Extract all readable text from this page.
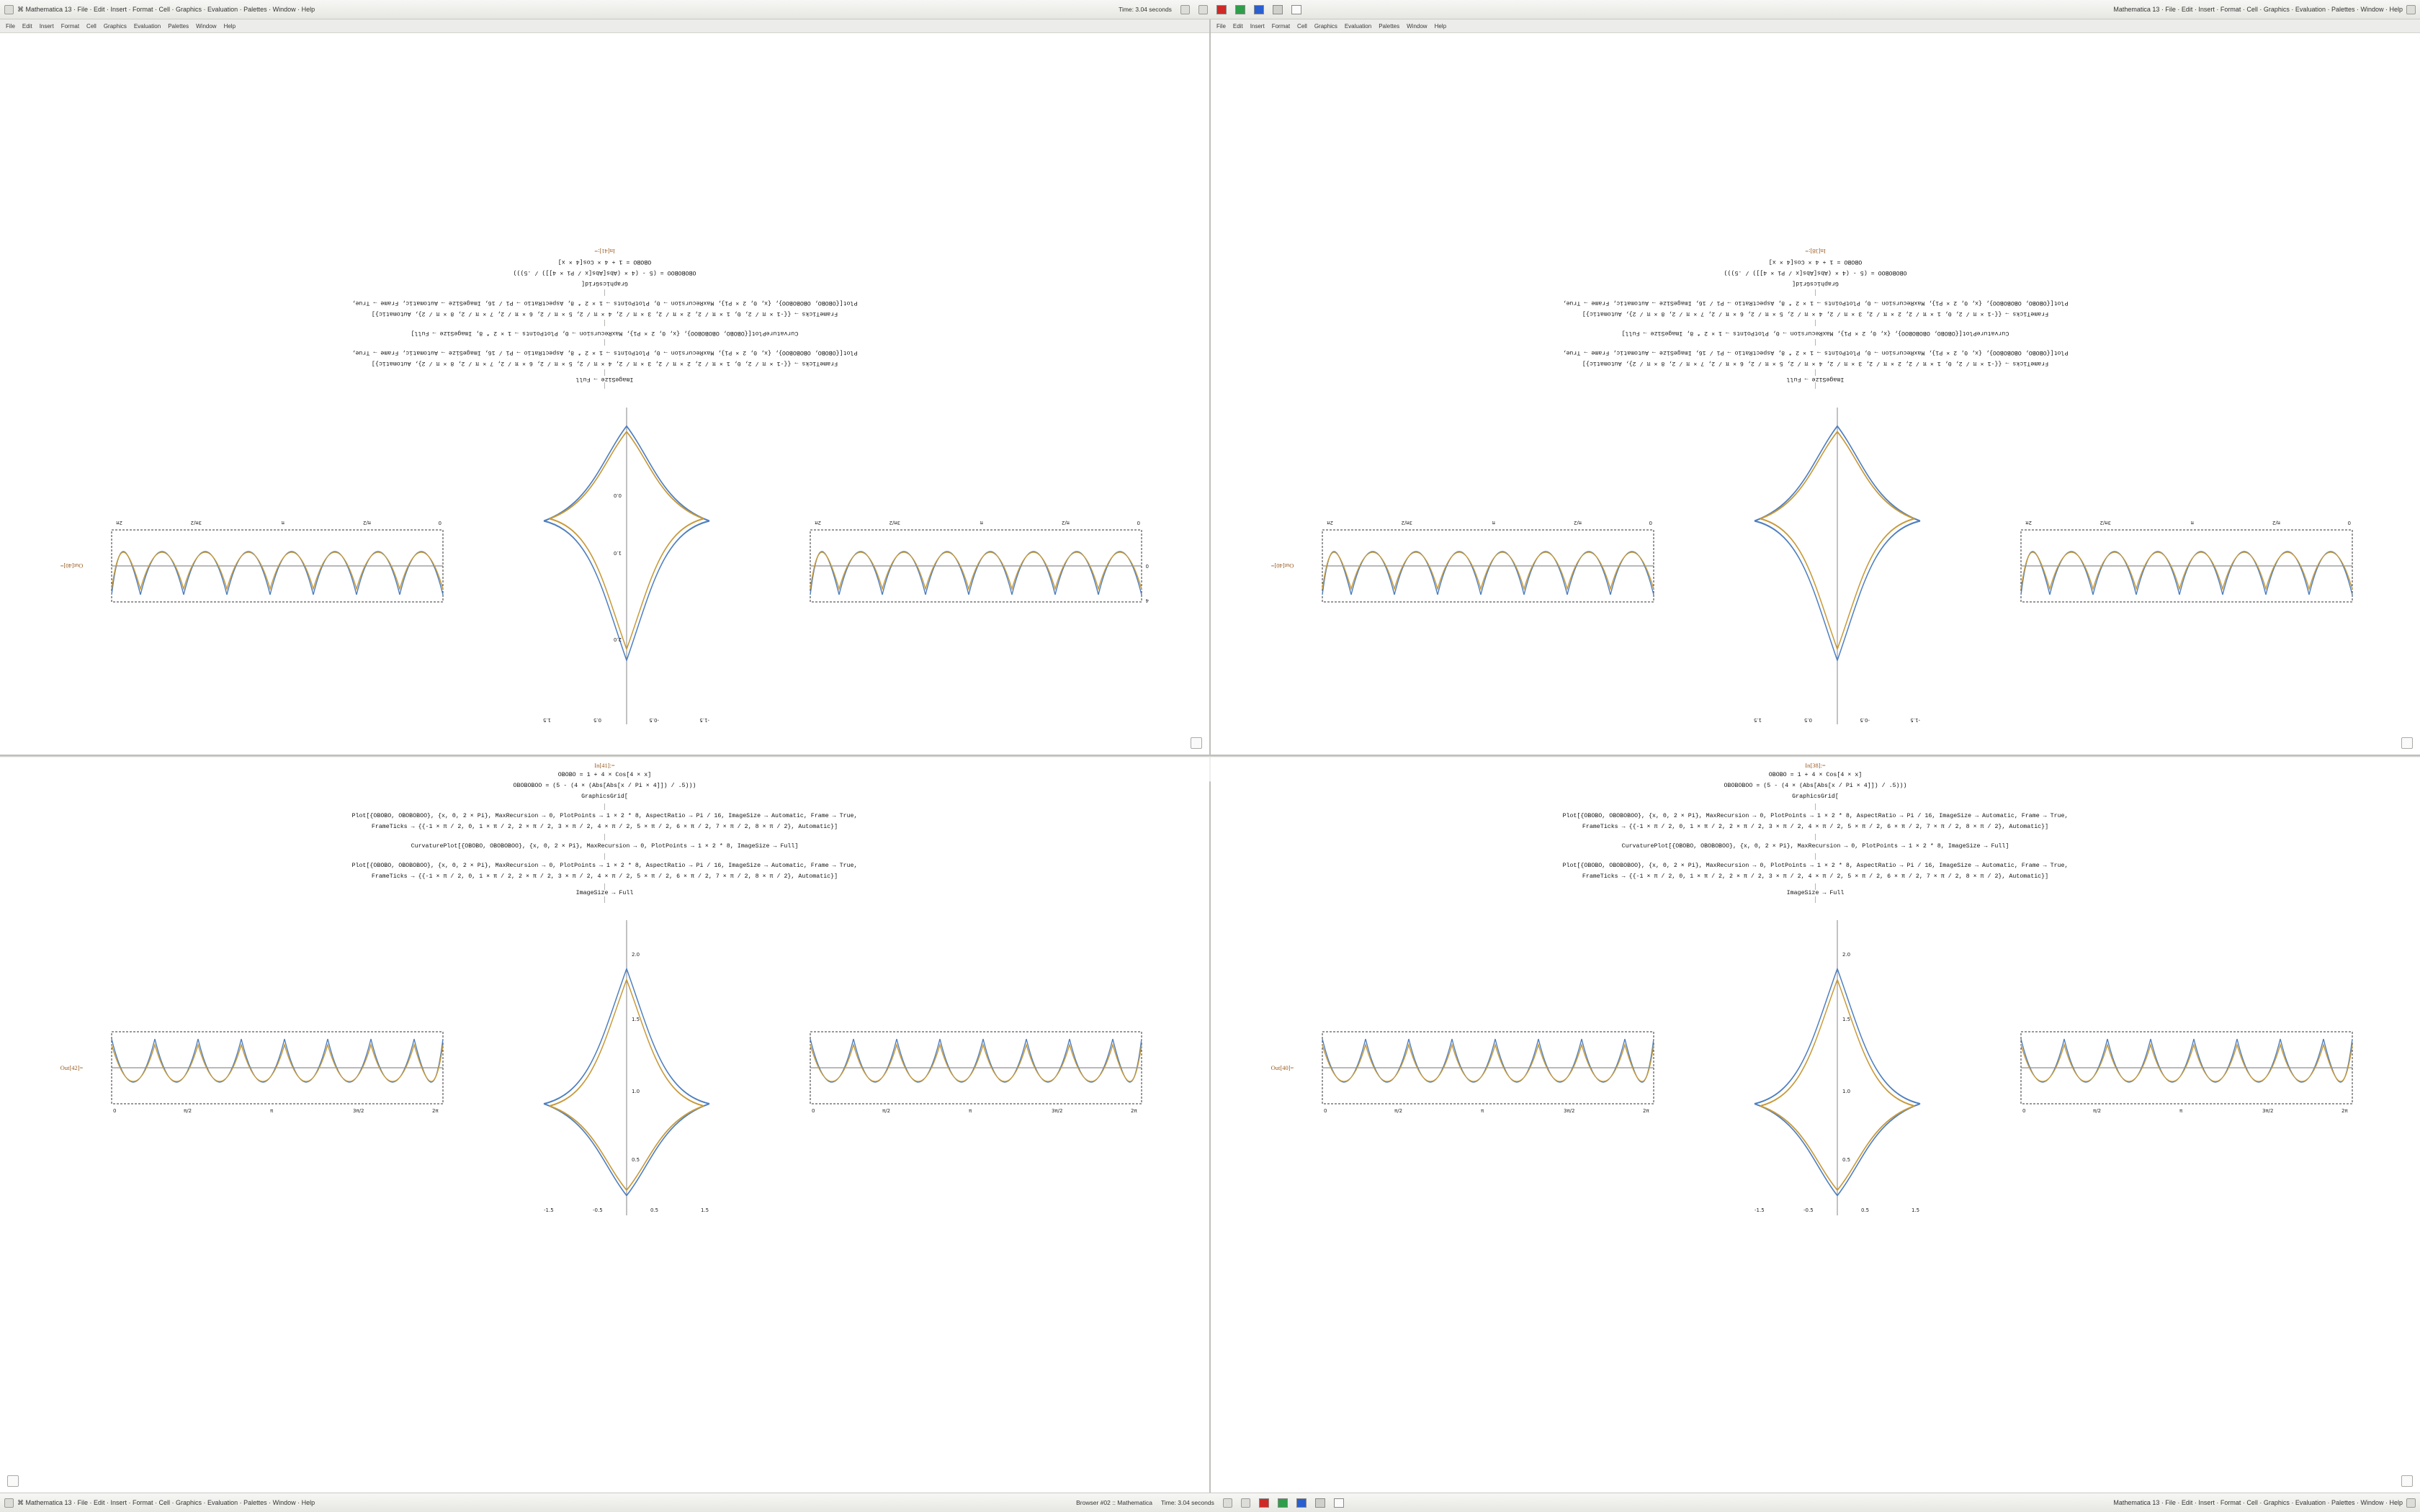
⌘ Mathematica 13 · File · Edit · Insert · Format · Cell · Graphics · Evaluation · Palettes · Window · Help	Time: 3.04 seconds	Mathematica 13 · File · Edit · Insert · Format · Cell · Graphics · Evaluation · Palettes · Window · Help
File Edit Insert Format Cell Graphics Evaluation Palettes Window Help
0
π/2
π
3π/2
2π
4
0
-1.5
-0.5
0.5
1.5
2.0
1.0
0.0
0
π/2
π
3π/2
2π
Out[40]=
ImageSize → Full
FrameTicks → {{-1 × π / 2, 0, 1 × π / 2, 2 × π / 2, 3 × π / 2, 4 × π / 2, 5 × π / 2, 6 × π / 2, 7 × π / 2, 8 × π / 2}, Automatic}]
Plot[{OBOBO, OBOBOBOO}, {x, 0, 2 × Pi}, MaxRecursion → 0, PlotPoints → 1 × 2 * 8, AspectRatio → Pi / 16, ImageSize → Automatic, Frame → True,
CurvaturePlot[{OBOBO, OBOBOBOO}, {x, 0, 2 × Pi}, MaxRecursion → 0, PlotPoints → 1 × 2 * 8, ImageSize → Full]
FrameTicks → {{-1 × π / 2, 0, 1 × π / 2, 2 × π / 2, 3 × π / 2, 4 × π / 2, 5 × π / 2, 6 × π / 2, 7 × π / 2, 8 × π / 2}, Automatic}]
Plot[{OBOBO, OBOBOBOO}, {x, 0, 2 × Pi}, MaxRecursion → 0, PlotPoints → 1 × 2 * 8, AspectRatio → Pi / 16, ImageSize → Automatic, Frame → True,
GraphicsGrid[
OBOBOBOO = (5 - (4 × (Abs[Abs[x / Pi × 4]]) / .5)))
OBOBO = 1 + 4 × Cos[4 × x]
In[41]:=
File Edit Insert Format Cell Graphics Evaluation Palettes Window Help
0
π/2
π
3π/2
2π
-1.5
-0.5
0.5
1.5
0
π/2
π
3π/2
2π
Out[40]=
ImageSize → Full
FrameTicks → {{-1 × π / 2, 0, 1 × π / 2, 2 × π / 2, 3 × π / 2, 4 × π / 2, 5 × π / 2, 6 × π / 2, 7 × π / 2, 8 × π / 2}, Automatic}]
Plot[{OBOBO, OBOBOBOO}, {x, 0, 2 × Pi}, MaxRecursion → 0, PlotPoints → 1 × 2 * 8, AspectRatio → Pi / 16, ImageSize → Automatic, Frame → True,
CurvaturePlot[{OBOBO, OBOBOBOO}, {x, 0, 2 × Pi}, MaxRecursion → 0, PlotPoints → 1 × 2 * 8, ImageSize → Full]
FrameTicks → {{-1 × π / 2, 0, 1 × π / 2, 2 × π / 2, 3 × π / 2, 4 × π / 2, 5 × π / 2, 6 × π / 2, 7 × π / 2, 8 × π / 2}, Automatic}]
Plot[{OBOBO, OBOBOBOO}, {x, 0, 2 × Pi}, MaxRecursion → 0, PlotPoints → 1 × 2 * 8, AspectRatio → Pi / 16, ImageSize → Automatic, Frame → True,
GraphicsGrid[
OBOBOBOO = (5 - (4 × (Abs[Abs[x / Pi × 4]]) / .5)))
OBOBO = 1 + 4 × Cos[4 × x]
In[38]:=
In[41]:=
OBOBO = 1 + 4 × Cos[4 × x]
OBOBOBOO = (5 - (4 × (Abs[Abs[x / Pi × 4]]) / .5)))
GraphicsGrid[
Plot[{OBOBO, OBOBOBOO}, {x, 0, 2 × Pi}, MaxRecursion → 0, PlotPoints → 1 × 2 * 8, AspectRatio → Pi / 16, ImageSize → Automatic, Frame → True,
FrameTicks → {{-1 × π / 2, 0, 1 × π / 2, 2 × π / 2, 3 × π / 2, 4 × π / 2, 5 × π / 2, 6 × π / 2, 7 × π / 2, 8 × π / 2}, Automatic}]
CurvaturePlot[{OBOBO, OBOBOBOO}, {x, 0, 2 × Pi}, MaxRecursion → 0, PlotPoints → 1 × 2 * 8, ImageSize → Full]
Plot[{OBOBO, OBOBOBOO}, {x, 0, 2 × Pi}, MaxRecursion → 0, PlotPoints → 1 × 2 * 8, AspectRatio → Pi / 16, ImageSize → Automatic, Frame → True,
FrameTicks → {{-1 × π / 2, 0, 1 × π / 2, 2 × π / 2, 3 × π / 2, 4 × π / 2, 5 × π / 2, 6 × π / 2, 7 × π / 2, 8 × π / 2}, Automatic}]
ImageSize → Full
Out[42]=
0	π/2	π	3π/2	2π
2.0
1.5
1.0
0.5
-1.5	-0.5	0.5	1.5
0	π/2	π	3π/2	2π
In[38]:=
OBOBO = 1 + 4 × Cos[4 × x]
OBOBOBOO = (5 - (4 × (Abs[Abs[x / Pi × 4]]) / .5)))
GraphicsGrid[
Plot[{OBOBO, OBOBOBOO}, {x, 0, 2 × Pi}, MaxRecursion → 0, PlotPoints → 1 × 2 * 8, AspectRatio → Pi / 16, ImageSize → Automatic, Frame → True,
FrameTicks → {{-1 × π / 2, 0, 1 × π / 2, 2 × π / 2, 3 × π / 2, 4 × π / 2, 5 × π / 2, 6 × π / 2, 7 × π / 2, 8 × π / 2}, Automatic}]
CurvaturePlot[{OBOBO, OBOBOBOO}, {x, 0, 2 × Pi}, MaxRecursion → 0, PlotPoints → 1 × 2 * 8, ImageSize → Full]
Plot[{OBOBO, OBOBOBOO}, {x, 0, 2 × Pi}, MaxRecursion → 0, PlotPoints → 1 × 2 * 8, AspectRatio → Pi / 16, ImageSize → Automatic, Frame → True,
FrameTicks → {{-1 × π / 2, 0, 1 × π / 2, 2 × π / 2, 3 × π / 2, 4 × π / 2, 5 × π / 2, 6 × π / 2, 7 × π / 2, 8 × π / 2}, Automatic}]
ImageSize → Full
Out[40]=
0	π/2	π	3π/2	2π
2.0
1.5
1.0
0.5
-1.5	-0.5	0.5	1.5
0	π/2	π	3π/2	2π
⌘ Mathematica 13 · File · Edit · Insert · Format · Cell · Graphics · Evaluation · Palettes · Window · Help	Browser #02 :: Mathematica Time: 3.04 seconds	Mathematica 13 · File · Edit · Insert · Format · Cell · Graphics · Evaluation · Palettes · Window · Help
